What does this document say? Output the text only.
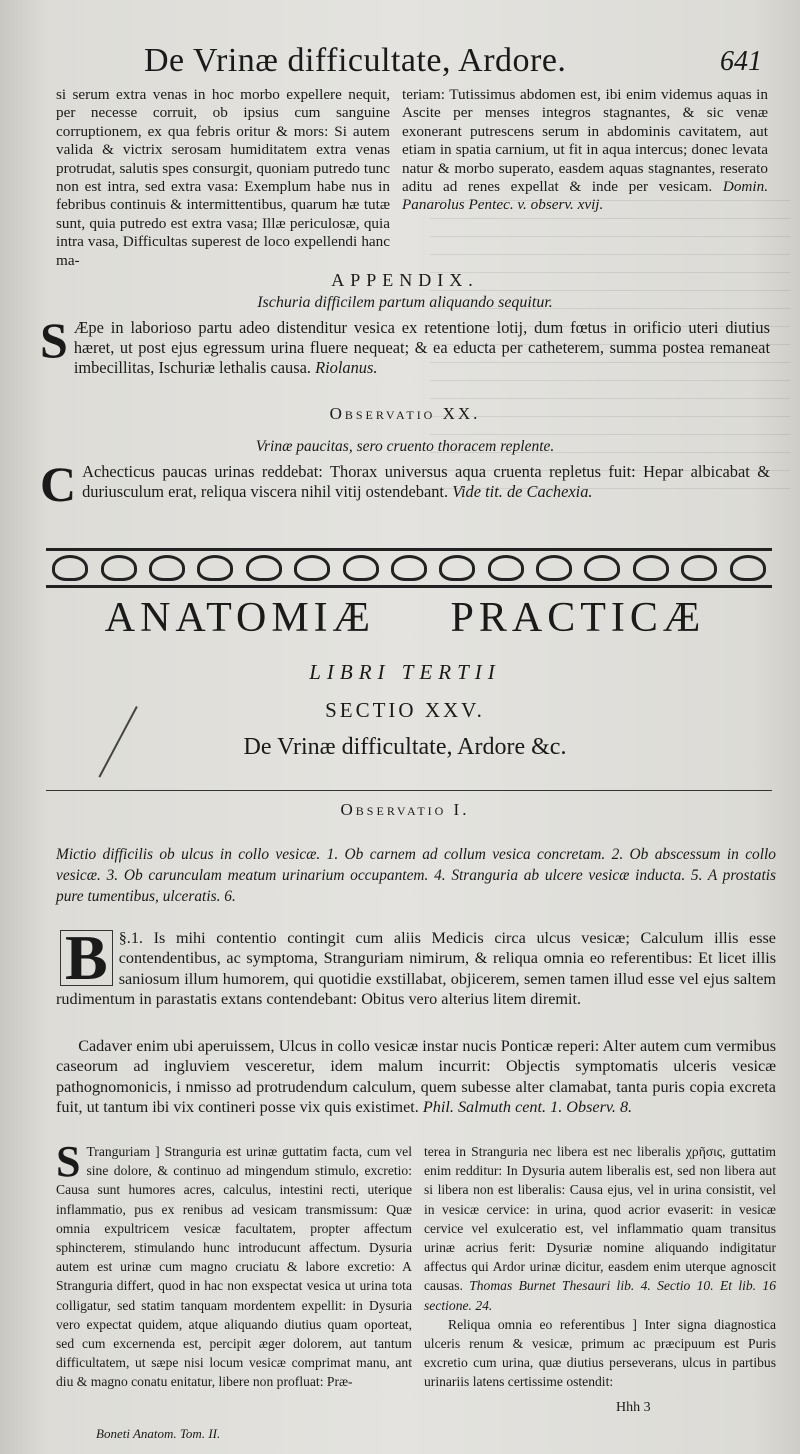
De Vrinæ difficultate, Ardore.	641

si serum extra venas in hoc morbo expellere nequit, per necesse corruit, ob ipsius cum sanguine corruptionem, ex qua febris oritur & mors: Si autem valida & victrix serosam humiditatem extra venas protrudat, salutis spes consurgit, quoniam putredo tunc non est intra, sed extra vasa: Exemplum habe nus in febribus continuis & intermittentibus, quarum hæ tutæ sunt, quia putredo est extra vasa; Illæ periculosæ, quia intra vasa, Difficultas superest de loco expellendi hanc ma-

teriam: Tutissimus abdomen est, ibi enim videmus aquas in Ascite per menses integros stagnantes, & sic venæ exonerant putrescens serum in abdominis cavitatem, aut etiam in spatia carnium, ut fit in aqua intercus; donec levata natur & morbo superato, easdem aquas stagnantes, reserato aditu ad renes expellat & inde per vesicam. Domin. Panarolus Pentec. v. observ. xvij.

APPENDIX.
Ischuria difficilem partum aliquando sequitur.
S Æpe in laborioso partu adeo distenditur vesica ex retentione lotij, dum fœtus in orificio uteri diutius hæret, ut post ejus egressum urina fluere nequeat; & ea educta per catheterem, summa postea remaneat imbecillitas, Ischuriæ lethalis causa. Riolanus.
Observatio XX.
Vrinæ paucitas, sero cruento thoracem replente.
C Achecticus paucas urinas reddebat: Thorax universus aqua cruenta repletus fuit: Hepar albicabat & duriusculum erat, reliqua viscera nihil vitij ostendebant. Vide tit. de Cachexia.
ANATOMIÆ PRACTICÆ
LIBRI TERTII
SECTIO XXV.
De Vrinæ difficultate, Ardore &c.
Observatio I.
Mictio difficilis ob ulcus in collo vesicæ. 1. Ob carnem ad collum vesica concretam. 2. Ob abscessum in collo vesicæ. 3. Ob carunculam meatum urinarium occupantem. 4. Stranguria ab ulcere vesicæ inducta. 5. A prostatis pure tumentibus, ulceratis. 6.
§.1.
B	Is mihi contentio contingit cum aliis Medicis circa ulcus vesicæ; Calculum illis esse contendentibus, ac symptoma, Stranguriam nimirum, & reliqua omnia eo referentibus: Et licet illis saniosum illum humorem, qui quotidie exstillabat, objicerem, semen tamen illud esse vel ejus saltem rudimentum in parastatis extans contendebant: Obitus vero alterius litem diremit.
Cadaver enim ubi aperuissem, Ulcus in collo vesicæ instar nucis Ponticæ reperi: Alter autem cum vermibus caseorum ad ingluviem vesceretur, idem malum incurrit: Objectis symptomatis ulceris vesicæ pathognomonicis, i nmisso ad protrudendum calculum, quem subesse alter clamabat, tanta puris copia excreta fuit, ut tantum ibi vix contineri posse vix quis existimet. Phil. Salmuth cent. 1. Observ. 8.

S Tranguriam ] Stranguria est urinæ guttatim facta, cum vel sine dolore, & continuo ad mingendum stimulo, excretio: Causa sunt humores acres, calculus, intestini recti, uterique inflammatio, pus ex renibus ad vesicam transmissum: Quæ omnia expultricem vesicæ facultatem, propter affectum sphincterem, stimulando hunc introducunt affectum. Dysuria autem est urinæ cum magno cruciatu & labore excretio: A Stranguria differt, quod in hac non exspectat vesica ut urina tota colligatur, sed statim tanquam mordentem expellit: in Dysuria vero expectat quidem, atque aliquando diutius quam oporteat, sed cum excernenda est, percipit æger dolorem, aut tantum difficultatem, ut sæpe nisi locum vesicæ comprimat manu, ant diu & magno conatu enitatur, libere non profluat: Præ-

terea in Stranguria nec libera est nec liberalis χρῆσις, guttatim enim redditur: In Dysuria autem liberalis est, sed non libera aut si libera non est liberalis: Causa ejus, vel in urina consistit, vel in vesicæ cervice: in urina, quod acrior evaserit: in vesicæ cervice vel exulceratio est, vel inflammatio quam transitus urinæ acrius ferit: Dysuriæ nomine aliquando indigitatur affectus qui Ardor urinæ dicitur, easdem enim uterque agnoscit causas. Thomas Burnet Thesauri lib. 4. Sectio 10. Et lib. 16 sectione. 24.

Reliqua omnia eo referentibus ] Inter signa diagnostica ulceris renum & vesicæ, primum ac præcipuum est Puris excretio cum urina, quæ diutius perseverans, ulcus in partibus urinariis latens certissime ostendit:

Boneti Anatom. Tom. II.
Hhh 3
